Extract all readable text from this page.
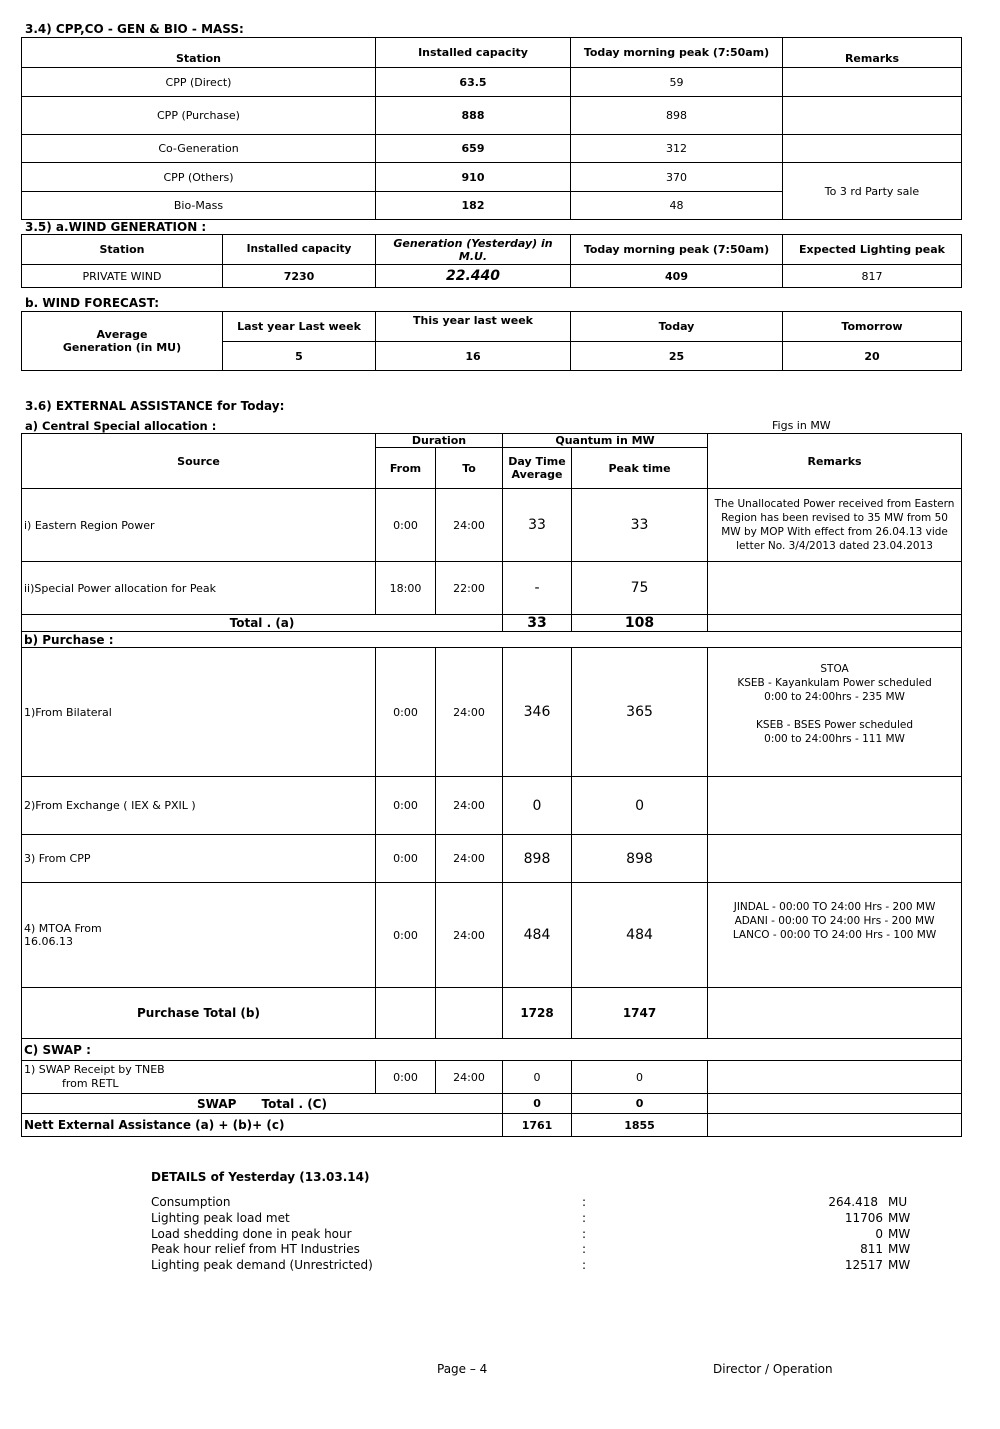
3.4) CPP,CO - GEN & BIO - MASS:
Station	Installed capacity	Today morning peak (7:50am)	Remarks
CPP (Direct)	63.5	59	
CPP (Purchase)	888	898	
Co-Generation	659	312	
CPP (Others)	910	370	To 3 rd Party sale
Bio-Mass	182	48	
3.5) a.WIND GENERATION :
Station	Installed capacity	Generation (Yesterday) in M.U.	Today morning peak (7:50am)	Expected Lighting peak
PRIVATE WIND	7230	22.440	409	817
b. WIND FORECAST:
Average Generation (in MU)	Last year Last week	This year last week	Today	Tomorrow
	5	16	25	20
3.6) EXTERNAL ASSISTANCE for Today:
a) Central Special allocation :	Figs in MW
Source	Duration		Quantum in MW		Remarks
	From	To	Day Time Average	Peak time	
i) Eastern Region Power	0:00	24:00	33	33	The Unallocated Power received from Eastern Region has been revised to 35 MW from 50 MW by MOP With effect from 26.04.13 vide letter No. 3/4/2013 dated 23.04.2013
ii)Special Power allocation for Peak	18:00	22:00	-	75	
Total . (a)			33	108	
b) Purchase :					
1)From Bilateral	0:00	24:00	346	365	STOA
KSEB - Kayankulam Power scheduled
0:00 to 24:00hrs - 235 MW
KSEB - BSES Power scheduled
0:00 to 24:00hrs - 111 MW

2)From Exchange ( IEX & PXIL )	0:00	24:00	0	0	
3) From CPP	0:00	24:00	898	898	
4) MTOA From 16.06.13	0:00	24:00	484	484	JINDAL - 00:00 TO 24:00 Hrs - 200 MW
ADANI - 00:00 TO 24:00 Hrs - 200 MW
LANCO - 00:00 TO 24:00 Hrs - 100 MW

Purchase Total (b)			1728	1747	
C) SWAP :					

1) SWAP Receipt by TNEB
from RETL	0:00	24:00	0	0	
SWAP      Total . (C)			0	0	
Nett External Assistance (a) + (b)+ (c)			1761	1855	
DETAILS of Yesterday (13.03.14)
Consumption	:	264.418 MU
Lighting peak load met	:	11706 MW
Load shedding done in peak hour	:	0 MW
Peak hour relief from HT Industries	:	811 MW
Lighting peak demand (Unrestricted)	:	12517 MW
Page – 4	Director / Operation
